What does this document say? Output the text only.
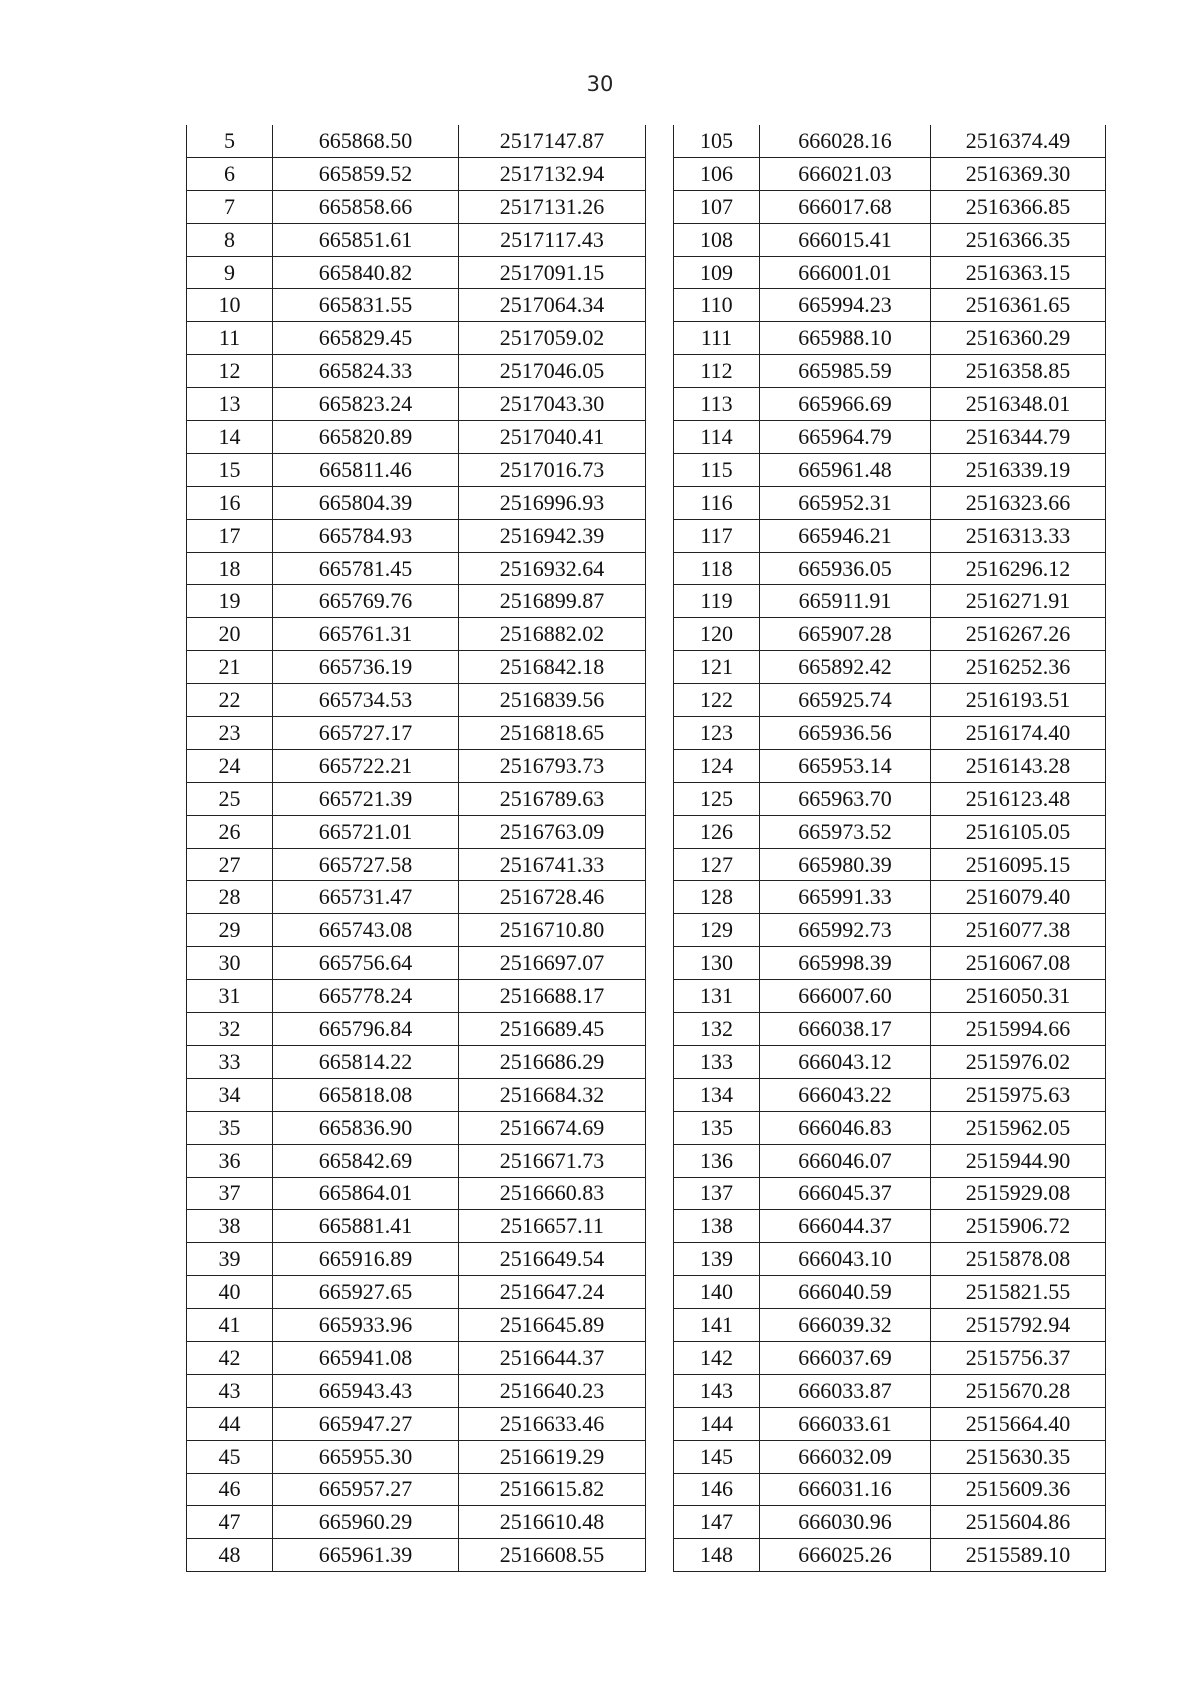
30
5	665868.50	2517147.87
6	665859.52	2517132.94
7	665858.66	2517131.26
8	665851.61	2517117.43
9	665840.82	2517091.15
10	665831.55	2517064.34
11	665829.45	2517059.02
12	665824.33	2517046.05
13	665823.24	2517043.30
14	665820.89	2517040.41
15	665811.46	2517016.73
16	665804.39	2516996.93
17	665784.93	2516942.39
18	665781.45	2516932.64
19	665769.76	2516899.87
20	665761.31	2516882.02
21	665736.19	2516842.18
22	665734.53	2516839.56
23	665727.17	2516818.65
24	665722.21	2516793.73
25	665721.39	2516789.63
26	665721.01	2516763.09
27	665727.58	2516741.33
28	665731.47	2516728.46
29	665743.08	2516710.80
30	665756.64	2516697.07
31	665778.24	2516688.17
32	665796.84	2516689.45
33	665814.22	2516686.29
34	665818.08	2516684.32
35	665836.90	2516674.69
36	665842.69	2516671.73
37	665864.01	2516660.83
38	665881.41	2516657.11
39	665916.89	2516649.54
40	665927.65	2516647.24
41	665933.96	2516645.89
42	665941.08	2516644.37
43	665943.43	2516640.23
44	665947.27	2516633.46
45	665955.30	2516619.29
46	665957.27	2516615.82
47	665960.29	2516610.48
48	665961.39	2516608.55
105	666028.16	2516374.49
106	666021.03	2516369.30
107	666017.68	2516366.85
108	666015.41	2516366.35
109	666001.01	2516363.15
110	665994.23	2516361.65
111	665988.10	2516360.29
112	665985.59	2516358.85
113	665966.69	2516348.01
114	665964.79	2516344.79
115	665961.48	2516339.19
116	665952.31	2516323.66
117	665946.21	2516313.33
118	665936.05	2516296.12
119	665911.91	2516271.91
120	665907.28	2516267.26
121	665892.42	2516252.36
122	665925.74	2516193.51
123	665936.56	2516174.40
124	665953.14	2516143.28
125	665963.70	2516123.48
126	665973.52	2516105.05
127	665980.39	2516095.15
128	665991.33	2516079.40
129	665992.73	2516077.38
130	665998.39	2516067.08
131	666007.60	2516050.31
132	666038.17	2515994.66
133	666043.12	2515976.02
134	666043.22	2515975.63
135	666046.83	2515962.05
136	666046.07	2515944.90
137	666045.37	2515929.08
138	666044.37	2515906.72
139	666043.10	2515878.08
140	666040.59	2515821.55
141	666039.32	2515792.94
142	666037.69	2515756.37
143	666033.87	2515670.28
144	666033.61	2515664.40
145	666032.09	2515630.35
146	666031.16	2515609.36
147	666030.96	2515604.86
148	666025.26	2515589.10
